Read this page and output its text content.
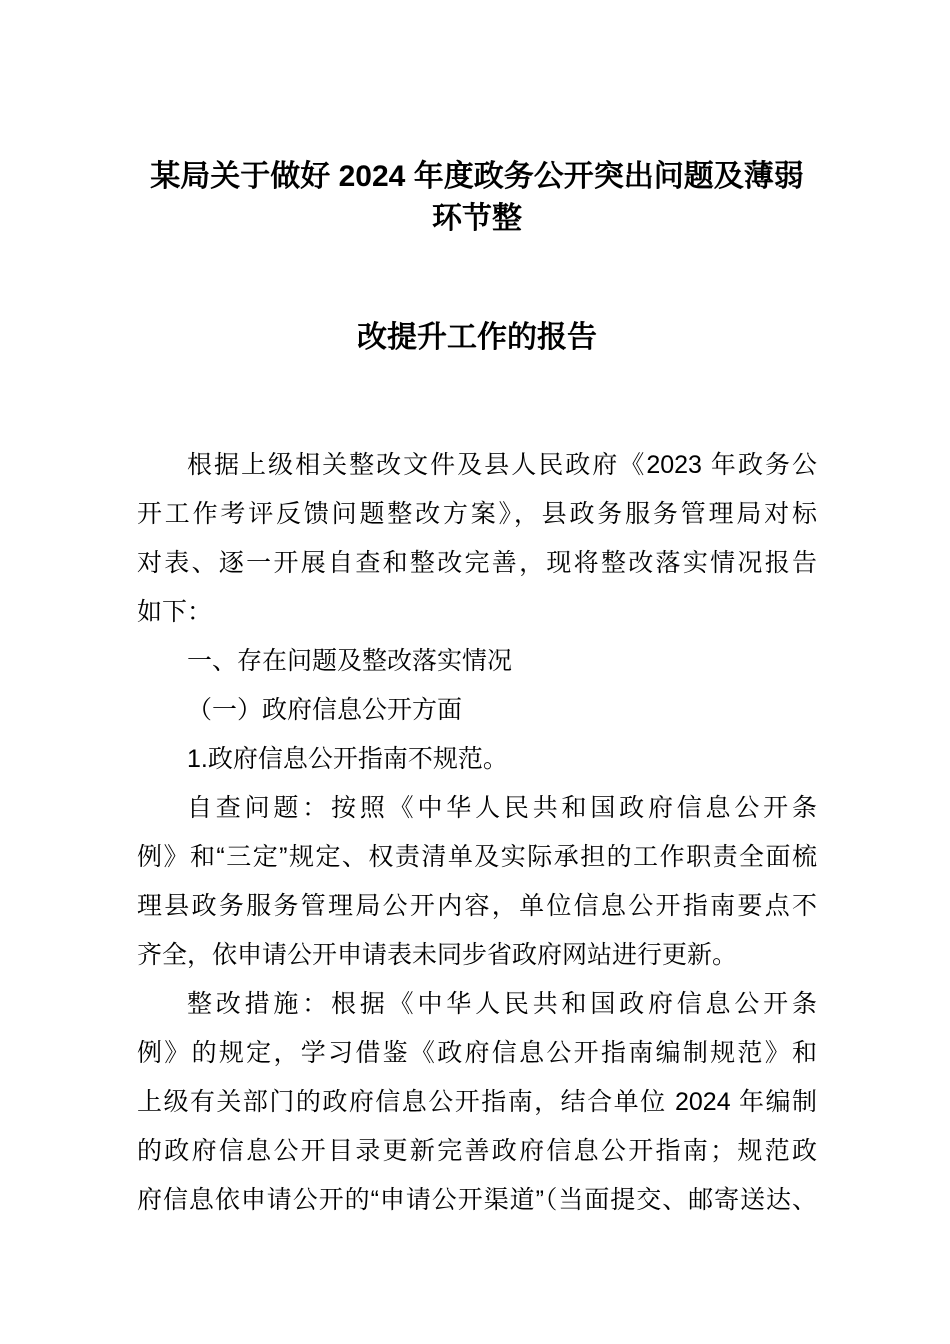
某局关于做好 2024 年度政务公开突出问题及薄弱环节整
改提升工作的报告
根据上级相关整改文件及县人民政府《2023 年政务公
开工作考评反馈问题整改方案》，县政务服务管理局对标
对表、逐一开展自查和整改完善，现将整改落实情况报告
如下：
一、存在问题及整改落实情况
（一）政府信息公开方面
1.政府信息公开指南不规范。
自查问题：按照《中华人民共和国政府信息公开条
例》和“三定”规定、权责清单及实际承担的工作职责全面梳
理县政务服务管理局公开内容，单位信息公开指南要点不
齐全，依申请公开申请表未同步省政府网站进行更新。
整改措施：根据《中华人民共和国政府信息公开条
例》的规定，学习借鉴《政府信息公开指南编制规范》和
上级有关部门的政府信息公开指南，结合单位 2024 年编制
的政府信息公开目录更新完善政府信息公开指南；规范政
府信息依申请公开的“申请公开渠道”（当面提交、邮寄送达、
